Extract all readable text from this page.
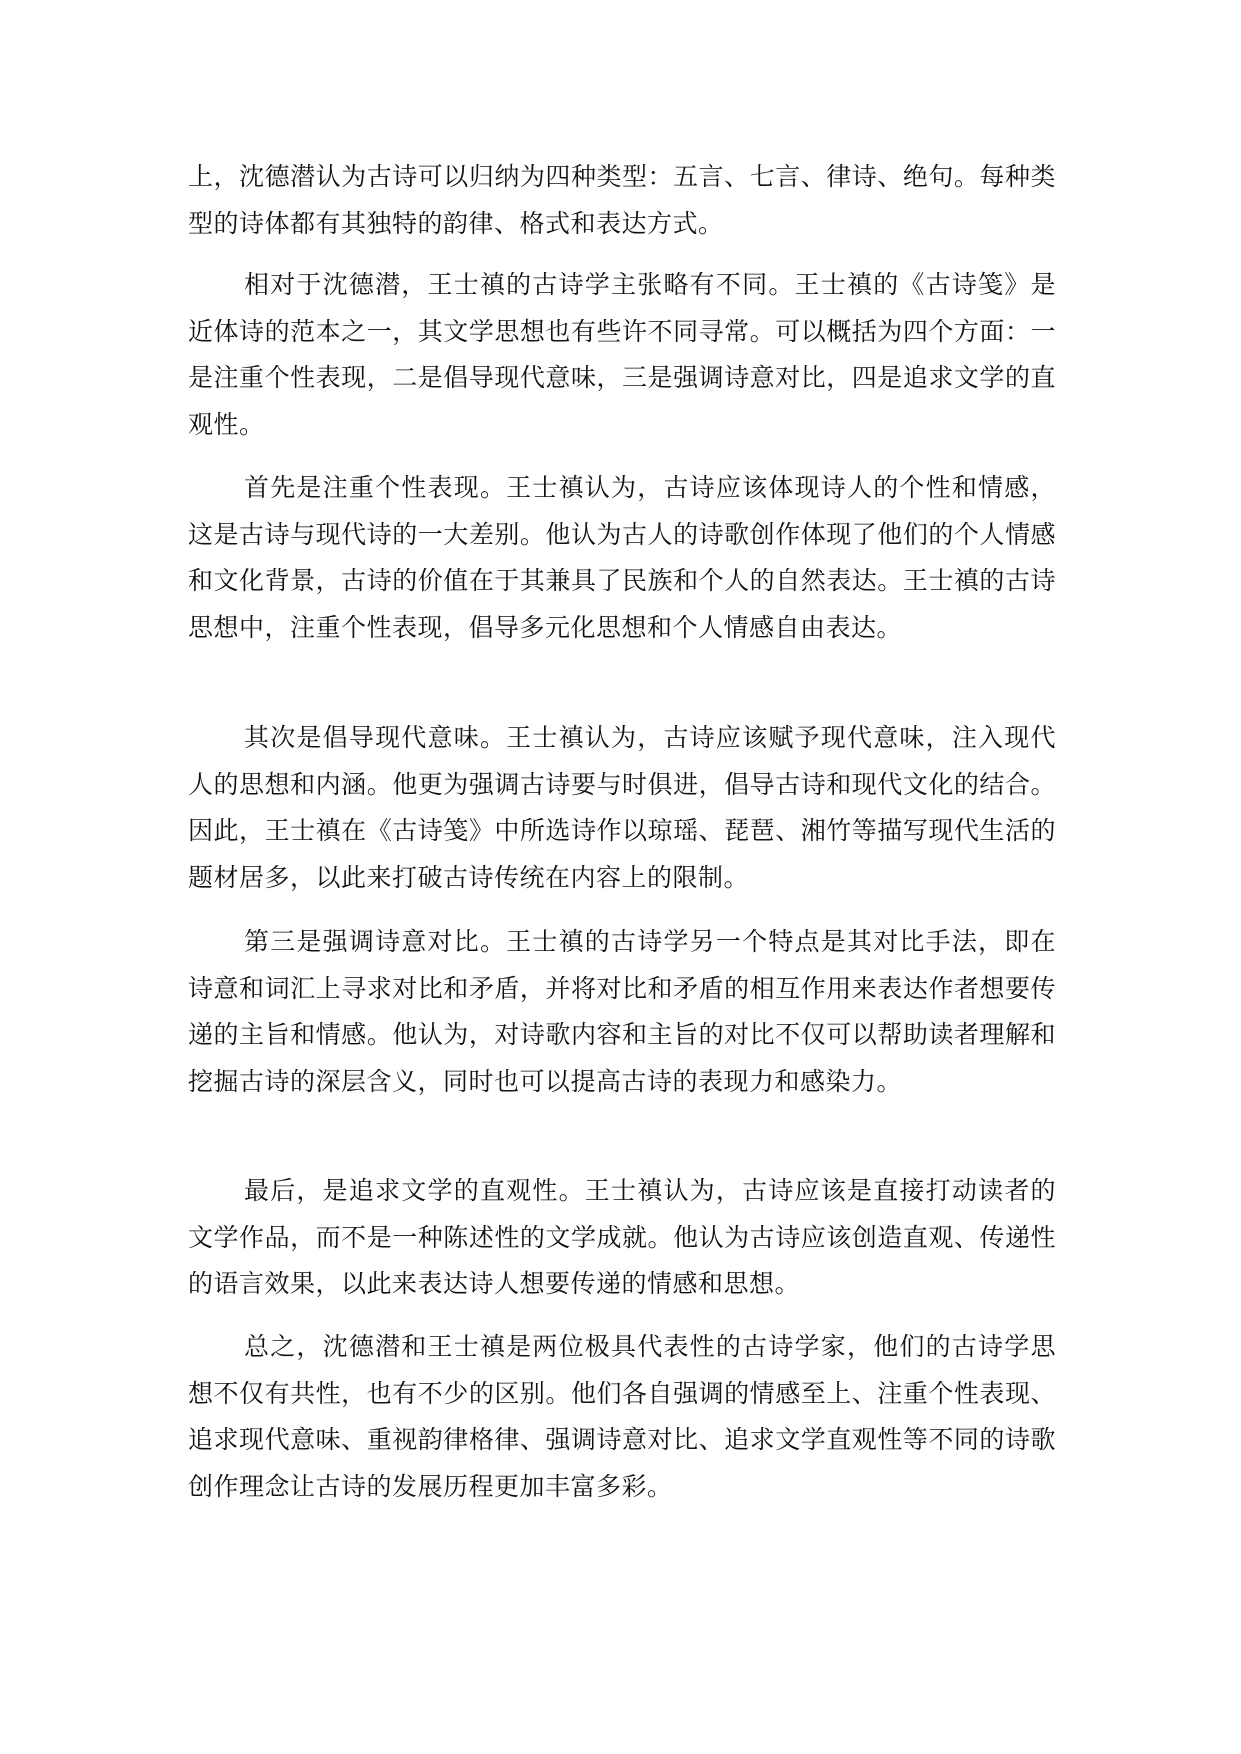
上，沈德潜认为古诗可以归纳为四种类型：五言、七言、律诗、绝句。每种类型的诗体都有其独特的韵律、格式和表达方式。

相对于沈德潜，王士禛的古诗学主张略有不同。王士禛的《古诗笺》是近体诗的范本之一，其文学思想也有些许不同寻常。可以概括为四个方面：一是注重个性表现，二是倡导现代意味，三是强调诗意对比，四是追求文学的直观性。

首先是注重个性表现。王士禛认为，古诗应该体现诗人的个性和情感，这是古诗与现代诗的一大差别。他认为古人的诗歌创作体现了他们的个人情感和文化背景，古诗的价值在于其兼具了民族和个人的自然表达。王士禛的古诗思想中，注重个性表现，倡导多元化思想和个人情感自由表达。

其次是倡导现代意味。王士禛认为，古诗应该赋予现代意味，注入现代人的思想和内涵。他更为强调古诗要与时俱进，倡导古诗和现代文化的结合。因此，王士禛在《古诗笺》中所选诗作以琼瑶、琵琶、湘竹等描写现代生活的题材居多，以此来打破古诗传统在内容上的限制。

第三是强调诗意对比。王士禛的古诗学另一个特点是其对比手法，即在诗意和词汇上寻求对比和矛盾，并将对比和矛盾的相互作用来表达作者想要传递的主旨和情感。他认为，对诗歌内容和主旨的对比不仅可以帮助读者理解和挖掘古诗的深层含义，同时也可以提高古诗的表现力和感染力。

最后，是追求文学的直观性。王士禛认为，古诗应该是直接打动读者的文学作品，而不是一种陈述性的文学成就。他认为古诗应该创造直观、传递性的语言效果，以此来表达诗人想要传递的情感和思想。

总之，沈德潜和王士禛是两位极具代表性的古诗学家，他们的古诗学思想不仅有共性，也有不少的区别。他们各自强调的情感至上、注重个性表现、追求现代意味、重视韵律格律、强调诗意对比、追求文学直观性等不同的诗歌创作理念让古诗的发展历程更加丰富多彩。
